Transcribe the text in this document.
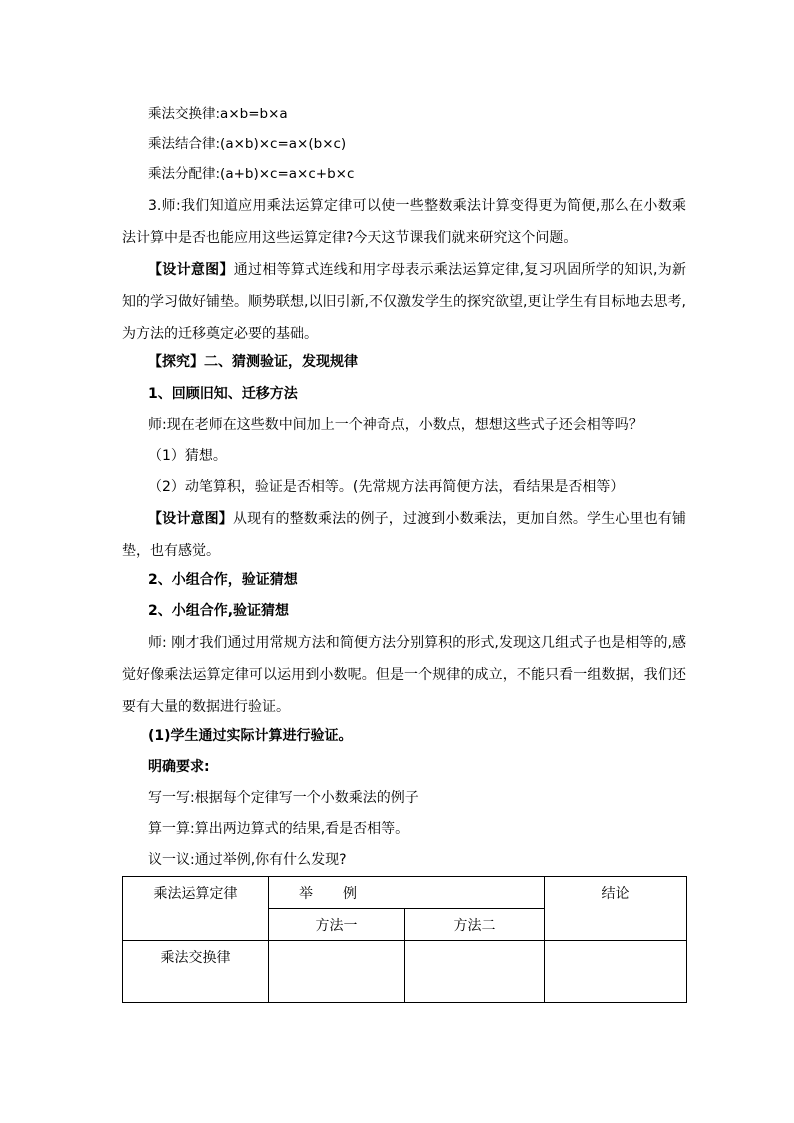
乘法交换律:a×b=b×a
乘法结合律:(a×b)×c=a×(b×c)
乘法分配律:(a+b)×c=a×c+b×c
3.师:我们知道应用乘法运算定律可以使一些整数乘法计算变得更为简便,那么在小数乘法计算中是否也能应用这些运算定律?今天这节课我们就来研究这个问题。
【设计意图】通过相等算式连线和用字母表示乘法运算定律,复习巩固所学的知识,为新知的学习做好铺垫。顺势联想,以旧引新,不仅激发学生的探究欲望,更让学生有目标地去思考,为方法的迁移奠定必要的基础。
【探究】二、猜测验证，发现规律
1、回顾旧知、迁移方法
师:现在老师在这些数中间加上一个神奇点，小数点，想想这些式子还会相等吗？
（1）猜想。
（2）动笔算积，验证是否相等。(先常规方法再简便方法，看结果是否相等）
【设计意图】从现有的整数乘法的例子，过渡到小数乘法，更加自然。学生心里也有铺垫，也有感觉。
2、小组合作，验证猜想
2、小组合作,验证猜想
师: 刚才我们通过用常规方法和简便方法分别算积的形式,发现这几组式子也是相等的,感觉好像乘法运算定律可以运用到小数呢。但是一个规律的成立，不能只看一组数据，我们还要有大量的数据进行验证。
(1)学生通过实际计算进行验证。
明确要求:
写一写:根据每个定律写一个小数乘法的例子
算一算:算出两边算式的结果,看是否相等。
议一议:通过举例,你有什么发现?
乘法运算定律	举例		结论
	方法一	方法二	
乘法交换律			
